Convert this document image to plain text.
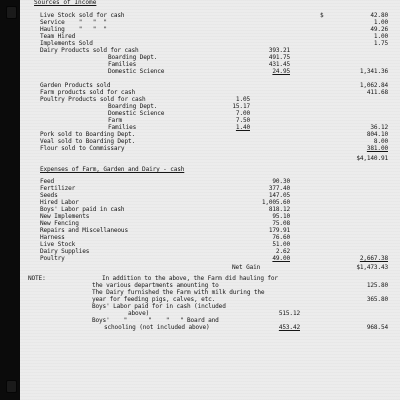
Sources of Income
$
Live Stock sold for cash	42.80
Service    "   "  "	1.00
Hauling    "   "  "	49.26
Team Hired	1.00
Implements Sold	1.75
Dairy Products sold for cash	393.21
Boarding Dept.	491.75
Families	431.45
Domestic Science	24.95	1,341.36
Garden Products sold	1,062.84
Farm products sold for cash	411.68
Poultry Products sold for cash	1.05
Boarding Dept.	15.17
Domestic Science	7.00
Farm	7.50
Families	1.40	36.12
Pork sold to Boarding Dept.	804.10
Veal sold to Boarding Dept.	8.00
Flour sold to Commissary	381.00
$4,140.91
Expenses of Farm, Garden and Dairy - cash
Feed	90.30
Fertilizer	377.40
Seeds	147.05
Hired Labor	1,005.60
Boys' Labor paid in cash	818.12
New Implements	95.10
New Fencing	75.08
Repairs and Miscellaneous	179.91
Harness	76.60
Live Stock	51.00
Dairy Supplies	2.62
Poultry	49.00	2,667.38
Net Gain	$1,473.43
NOTE:	In addition to the above, the Farm did hauling for
the various departments amounting to	125.80
The Dairy furnished the Farm with milk during the
year for feeding pigs, calves, etc.	365.80
Boys' Labor paid for in cash (included
above)	515.12
Boys'    "      "    "   " Board and
schooling (not included above)	453.42	968.54
